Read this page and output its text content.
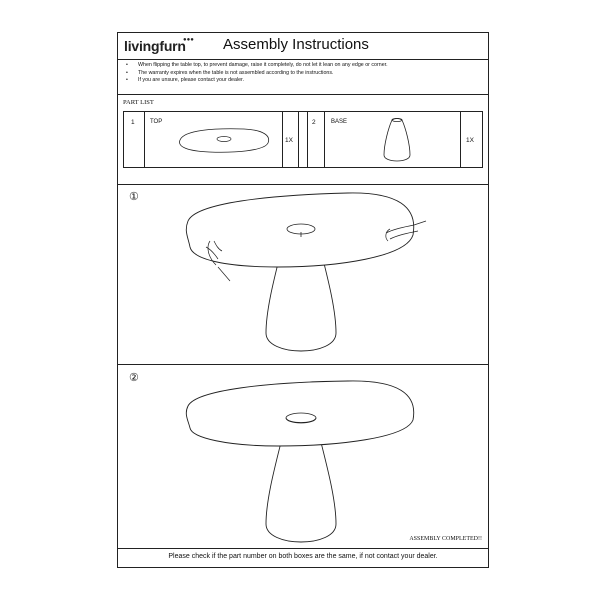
livingfurn
●●● Assembly Instructions
• When flipping the table top, to prevent damage, raise it completely, do not let it lean on any edge or corner.
• The warranty expires when the table is not assembled according to the instructions.
• If you are unsure, please contact your dealer.
PART LIST
1	TOP
1X
2	BASE
1X
①
②
ASSEMBLY COMPLETED!!
Please check if the part number on both boxes are the same, if not contact your dealer.
